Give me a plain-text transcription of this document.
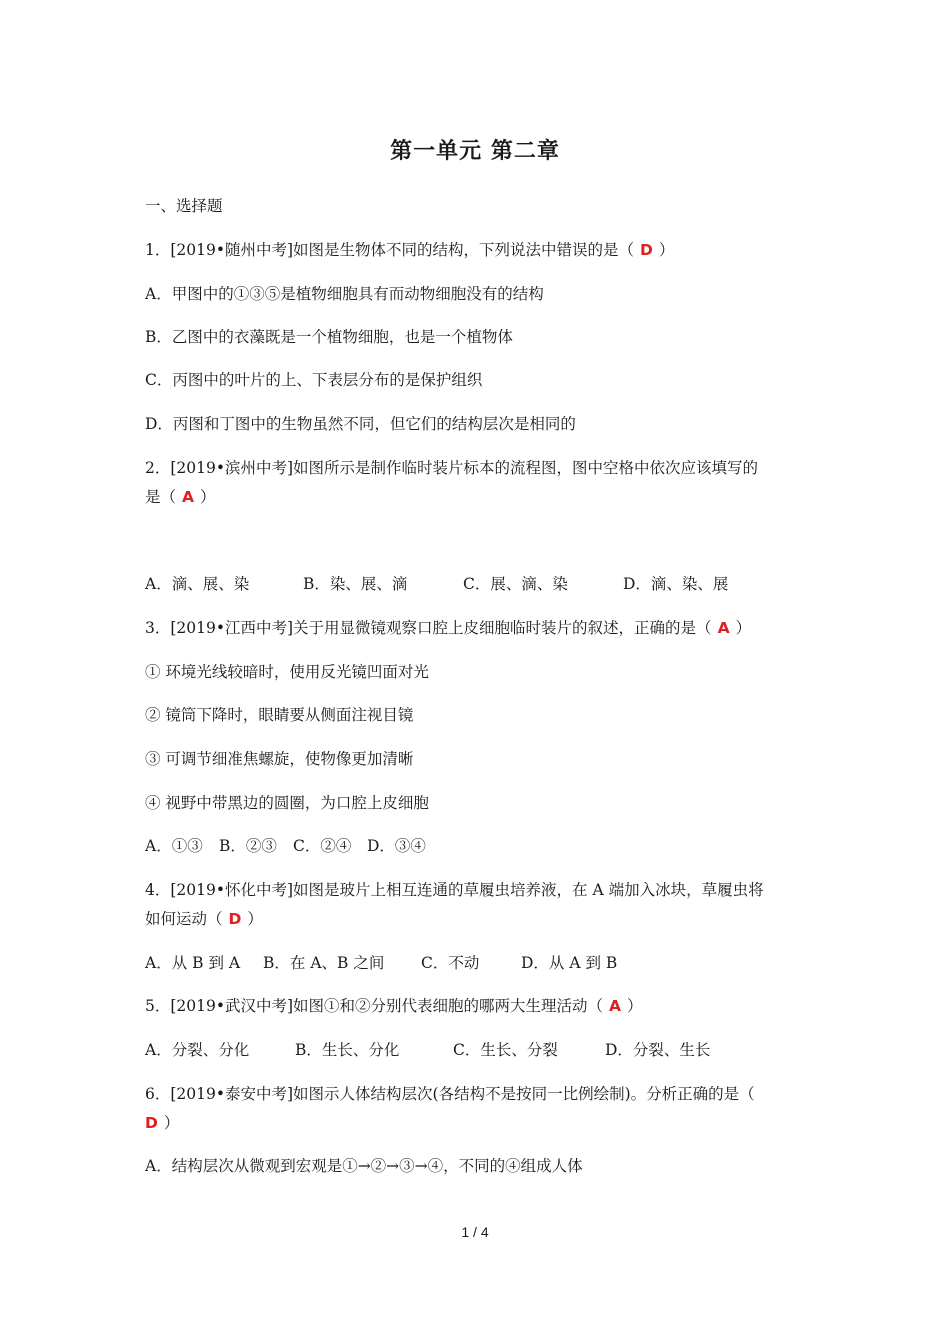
第一单元 第二章
一、选择题
1．[2019•随州中考]如图是生物体不同的结构，下列说法中错误的是（ D ）
A．甲图中的①③⑤是植物细胞具有而动物细胞没有的结构
B．乙图中的衣藻既是一个植物细胞，也是一个植物体
C．丙图中的叶片的上、下表层分布的是保护组织
D．丙图和丁图中的生物虽然不同，但它们的结构层次是相同的
2．[2019•滨州中考]如图所示是制作临时装片标本的流程图，图中空格中依次应该填写的
是（ A ）
A．滴、展、染	B．染、展、滴	C．展、滴、染	D．滴、染、展
3．[2019•江西中考]关于用显微镜观察口腔上皮细胞临时装片的叙述，正确的是（ A ）
① 环境光线较暗时，使用反光镜凹面对光
② 镜筒下降时，眼睛要从侧面注视目镜
③ 可调节细准焦螺旋，使物像更加清晰
④ 视野中带黑边的圆圈，为口腔上皮细胞
A．①③ B．②③ C．②④ D．③④
4．[2019•怀化中考]如图是玻片上相互连通的草履虫培养液，在 A 端加入冰块，草履虫将
如何运动（ D ）
A．从 B 到 A B．在 A、B 之间 C．不动	D．从 A 到 B
5．[2019•武汉中考]如图①和②分别代表细胞的哪两大生理活动（ A ）
A．分裂、分化	B．生长、分化	C．生长、分裂	D．分裂、生长
6．[2019•泰安中考]如图示人体结构层次(各结构不是按同一比例绘制)。分析正确的是（
D ）
A．结构层次从微观到宏观是①→②→③→④，不同的④组成人体
1 / 4
